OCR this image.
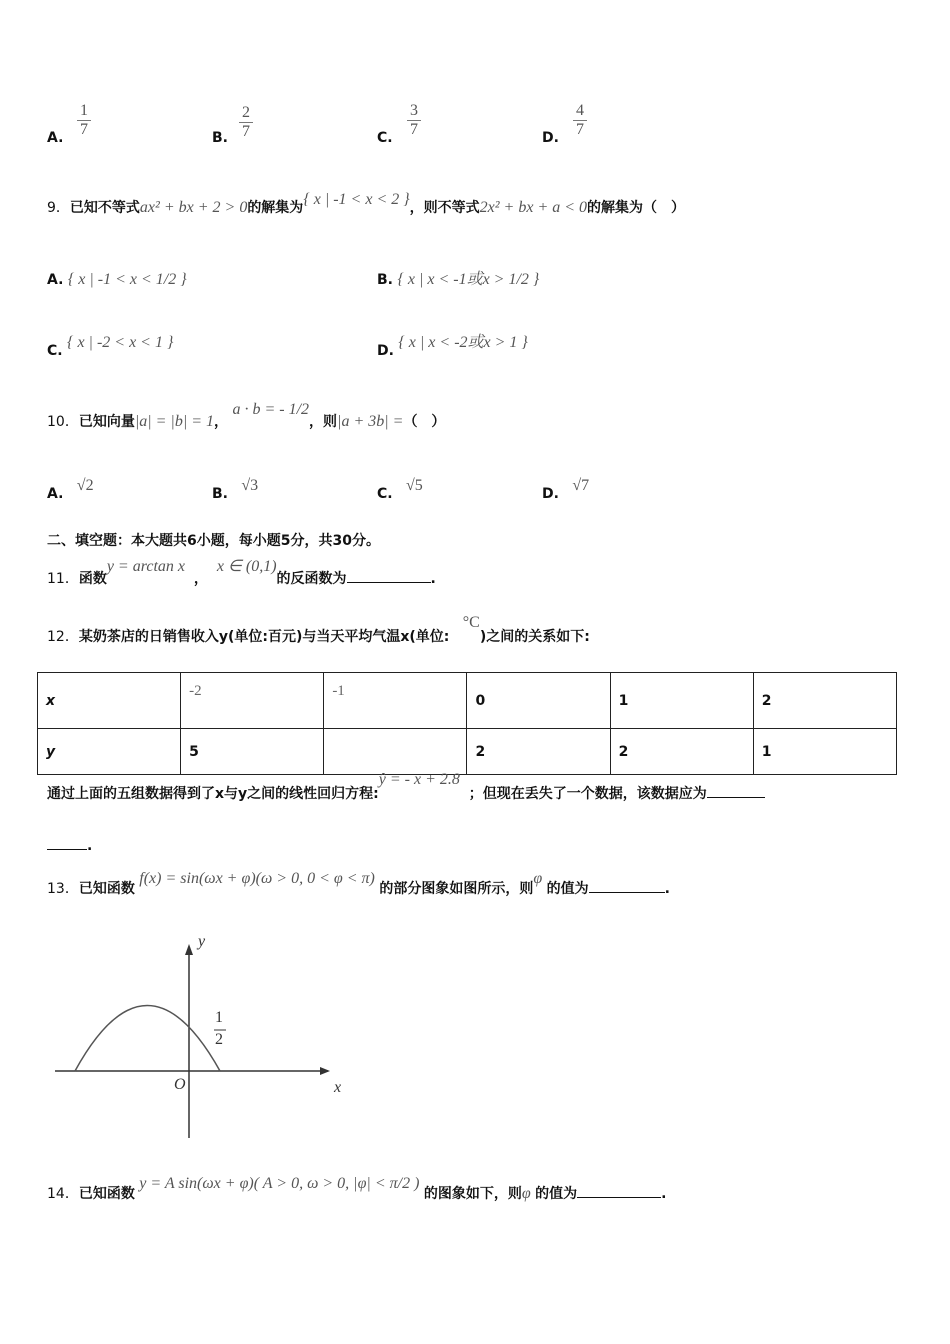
A. $\frac{1}{7}$	B. $\frac{2}{7}$	C. $\frac{3}{7}$	D. $\frac{4}{7}$
9．已知不等式ax² + bx + 2 > 0的解集为{ x | -1 < x < 2 }，则不等式2x² + bx + a < 0的解集为（　）
A. { x | -1 < x < 1/2 }	B. { x | x < -1或x > 1/2 }
C. { x | -2 < x < 1 }	D. { x | x < -2或x > 1 }
10．已知向量|a| = |b| = 1， a · b = - 1/2，则|a + 3b| =（　）
A. √2	B. √3	C. √5	D. √7
二、填空题：本大题共6小题，每小题5分，共30分。
11．函数y = arctan x  ，  x ∈ (0,1)的反函数为	.
12．某奶茶店的日销售收入y(单位:百元)与当天平均气温x(单位:   °C)之间的关系如下:
x	-2	-1	0	1	2
y	5		2	2	1
通过上面的五组数据得到了x与y之间的线性回归方程:ŷ = - x + 2.8  ；但现在丢失了一个数据，该数据应为
.
13．已知函数 f(x) = sin(ωx + φ)(ω > 0, 0 < φ < π) 的部分图象如图所示，则φ 的值为	.
y
x
O
1
2
14．已知函数 y = A sin(ωx + φ)( A > 0, ω > 0, |φ| < π/2 ) 的图象如下，则φ 的值为	.
